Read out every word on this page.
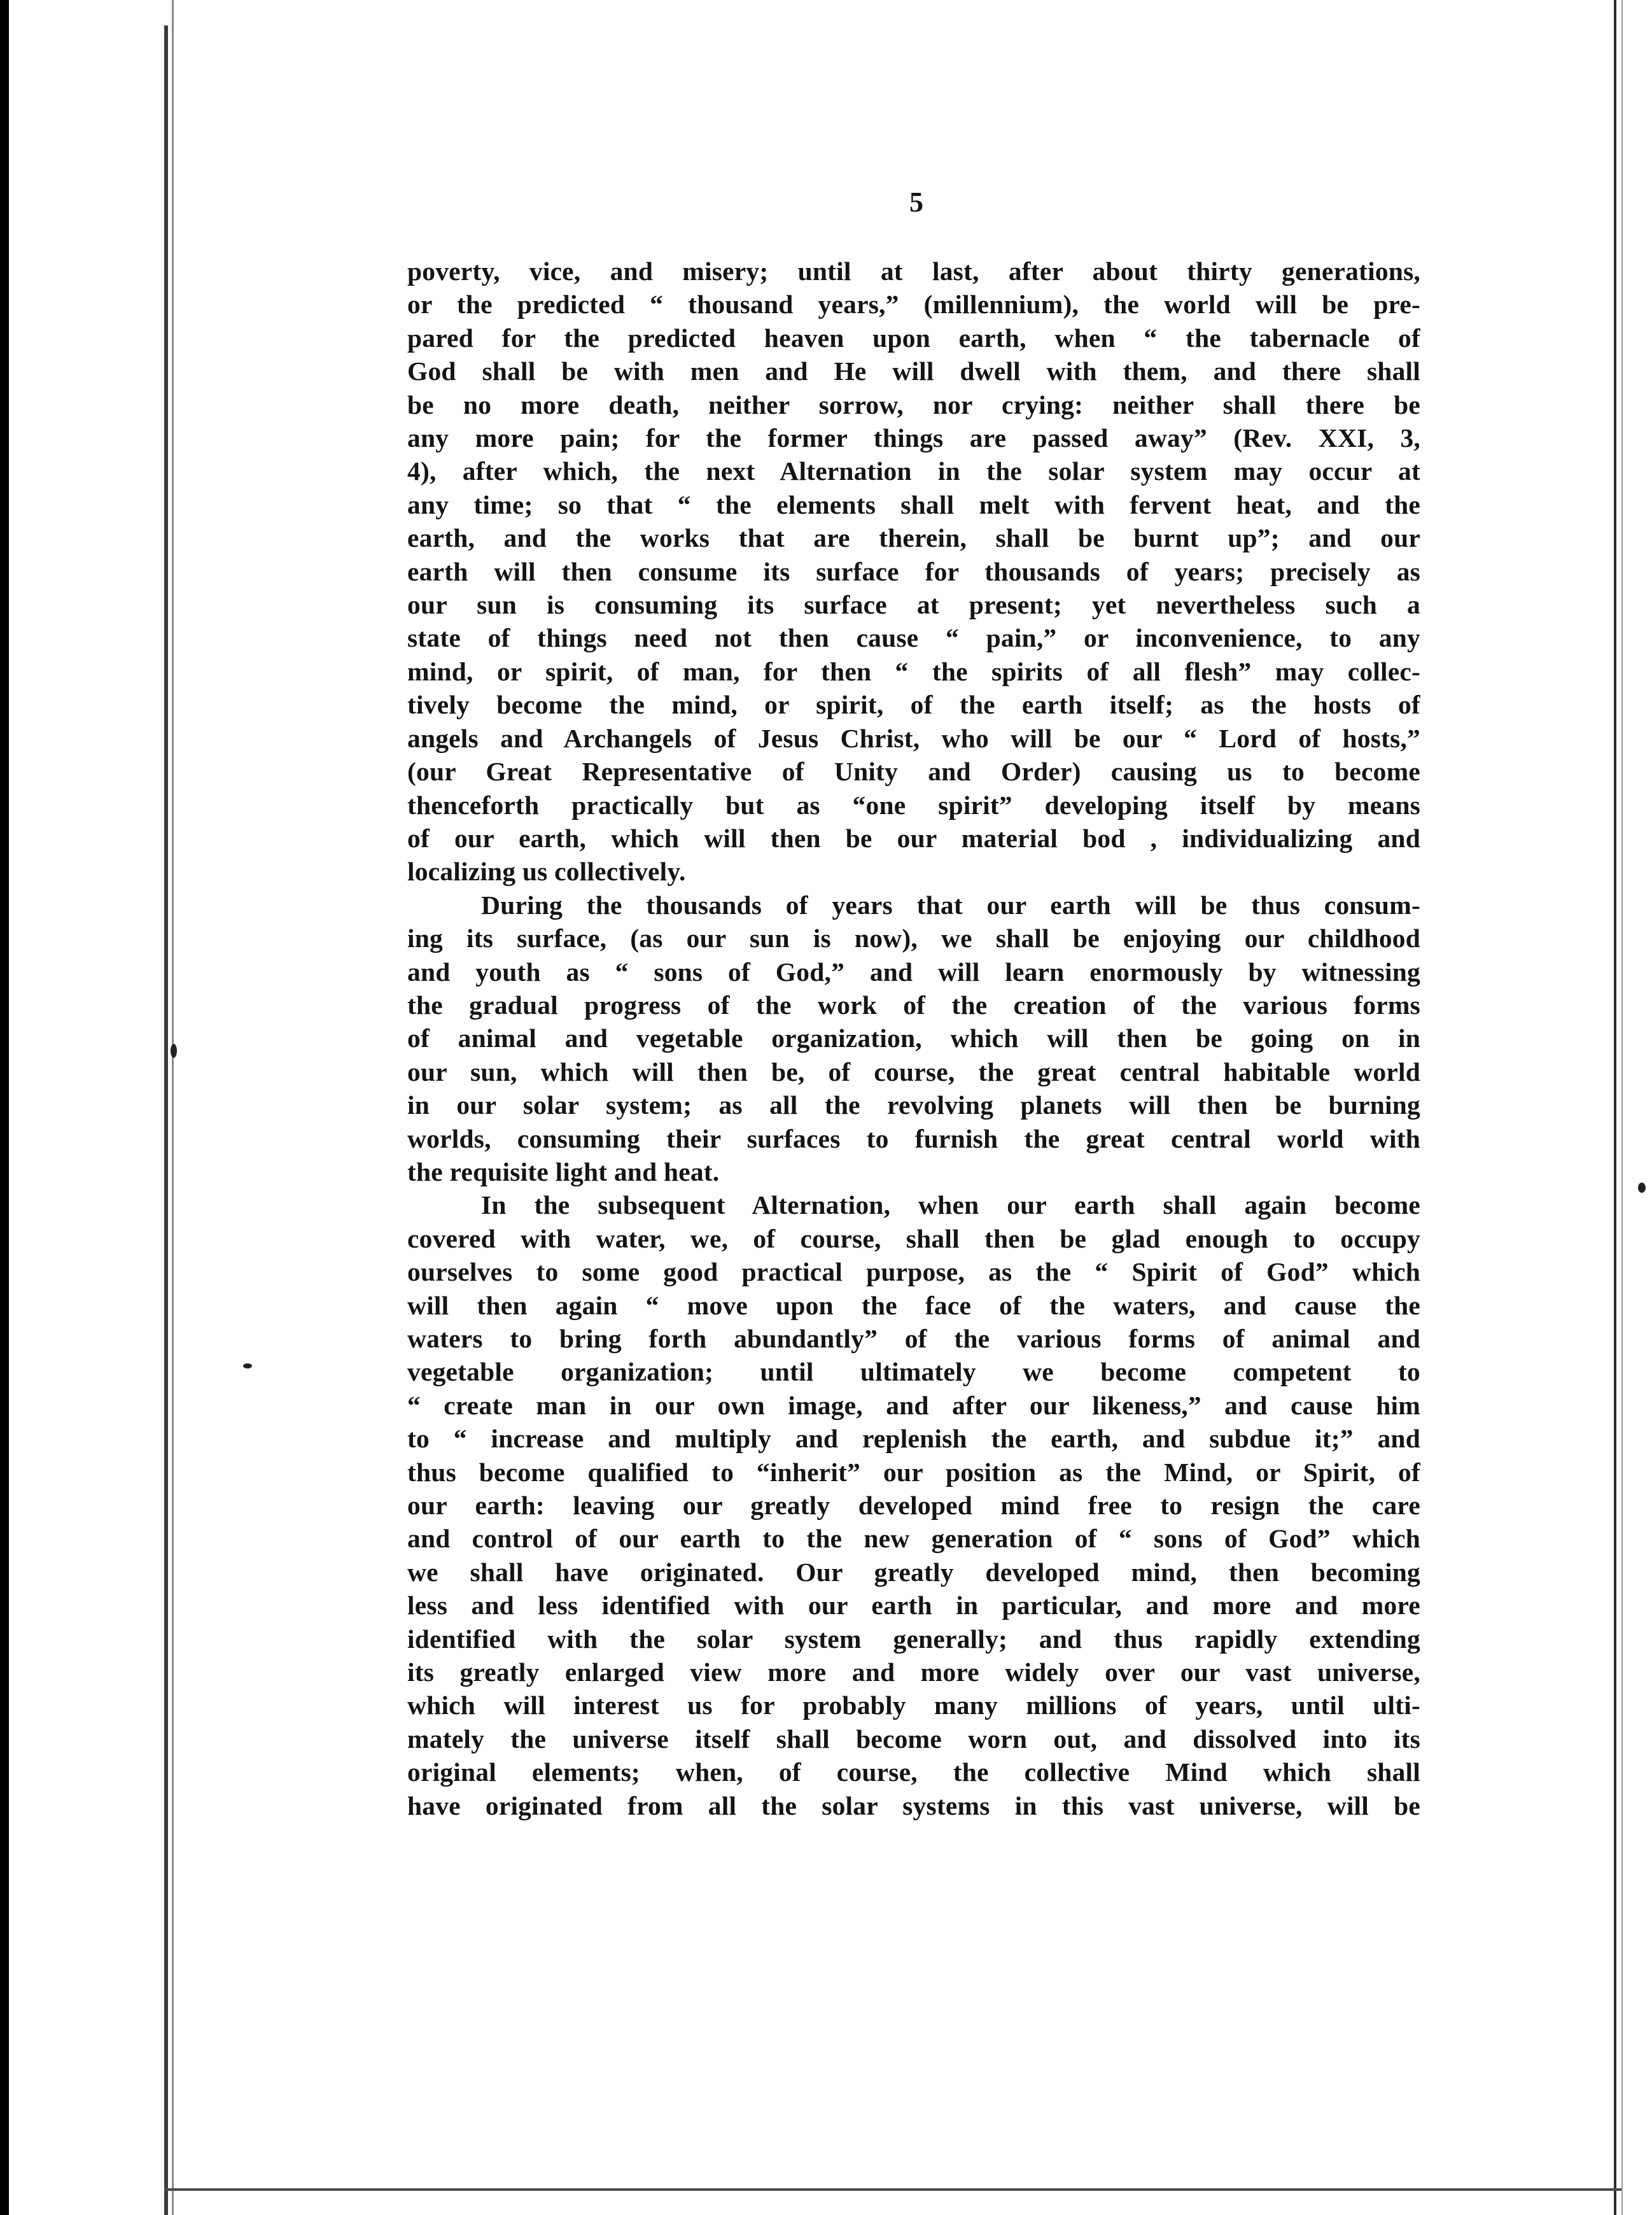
5
poverty, vice, and misery; until at last, after about thirty generations,
or the predicted “ thousand years,” (millennium), the world will be pre-
pared for the predicted heaven upon earth, when “ the tabernacle of
God shall be with men and He will dwell with them, and there shall
be no more death, neither sorrow, nor crying: neither shall there be
any more pain; for the former things are passed away” (Rev. XXI, 3,
4), after which, the next Alternation in the solar system may occur at
any time; so that “ the elements shall melt with fervent heat, and the
earth, and the works that are therein, shall be burnt up”; and our
earth will then consume its surface for thousands of years; precisely as
our sun is consuming its surface at present; yet nevertheless such a
state of things need not then cause “ pain,” or inconvenience, to any
mind, or spirit, of man, for then “ the spirits of all flesh” may collec-
tively become the mind, or spirit, of the earth itself; as the hosts of
angels and Archangels of Jesus Christ, who will be our “ Lord of hosts,”
(our Great Representative of Unity and Order) causing us to become
thenceforth practically but as “one spirit” developing itself by means
of our earth, which will then be our material bod , individualizing and
localizing us collectively.
During the thousands of years that our earth will be thus consum-
ing its surface, (as our sun is now), we shall be enjoying our childhood
and youth as “ sons of God,” and will learn enormously by witnessing
the gradual progress of the work of the creation of the various forms
of animal and vegetable organization, which will then be going on in
our sun, which will then be, of course, the great central habitable world
in our solar system; as all the revolving planets will then be burning
worlds, consuming their surfaces to furnish the great central world with
the requisite light and heat.
In the subsequent Alternation, when our earth shall again become
covered with water, we, of course, shall then be glad enough to occupy
ourselves to some good practical purpose, as the “ Spirit of God” which
will then again “ move upon the face of the waters, and cause the
waters to bring forth abundantly” of the various forms of animal and
vegetable organization; until ultimately we become competent to
“ create man in our own image, and after our likeness,” and cause him
to “ increase and multiply and replenish the earth, and subdue it;” and
thus become qualified to “inherit” our position as the Mind, or Spirit, of
our earth: leaving our greatly developed mind free to resign the care
and control of our earth to the new generation of “ sons of God” which
we shall have originated. Our greatly developed mind, then becoming
less and less identified with our earth in particular, and more and more
identified with the solar system generally; and thus rapidly extending
its greatly enlarged view more and more widely over our vast universe,
which will interest us for probably many millions of years, until ulti-
mately the universe itself shall become worn out, and dissolved into its
original elements; when, of course, the collective Mind which shall
have originated from all the solar systems in this vast universe, will be
